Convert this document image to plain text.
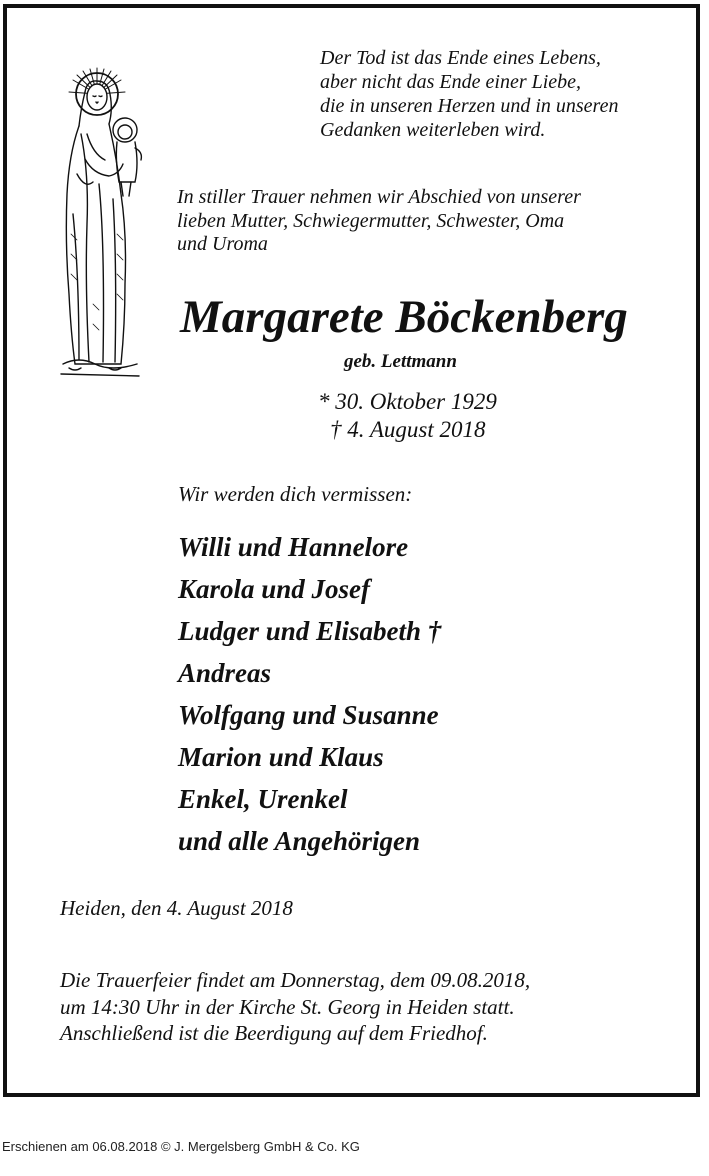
Der Tod ist das Ende eines Lebens,
aber nicht das Ende einer Liebe,
die in unseren Herzen und in unseren
Gedanken weiterleben wird.
In stiller Trauer nehmen wir Abschied von unserer
lieben Mutter, Schwiegermutter, Schwester, Oma
und Uroma
Margarete Böckenberg
geb. Lettmann
* 30. Oktober 1929
† 4. August 2018
Wir werden dich vermissen:
Willi und Hannelore
Karola und Josef
Ludger und Elisabeth †
Andreas
Wolfgang und Susanne
Marion und Klaus
Enkel, Urenkel
und alle Angehörigen
Heiden, den 4. August 2018
Die Trauerfeier findet am Donnerstag, dem 09.08.2018,
um 14:30 Uhr in der Kirche St. Georg in Heiden statt.
Anschließend ist die Beerdigung auf dem Friedhof.
Erschienen am 06.08.2018 © J. Mergelsberg GmbH & Co. KG
